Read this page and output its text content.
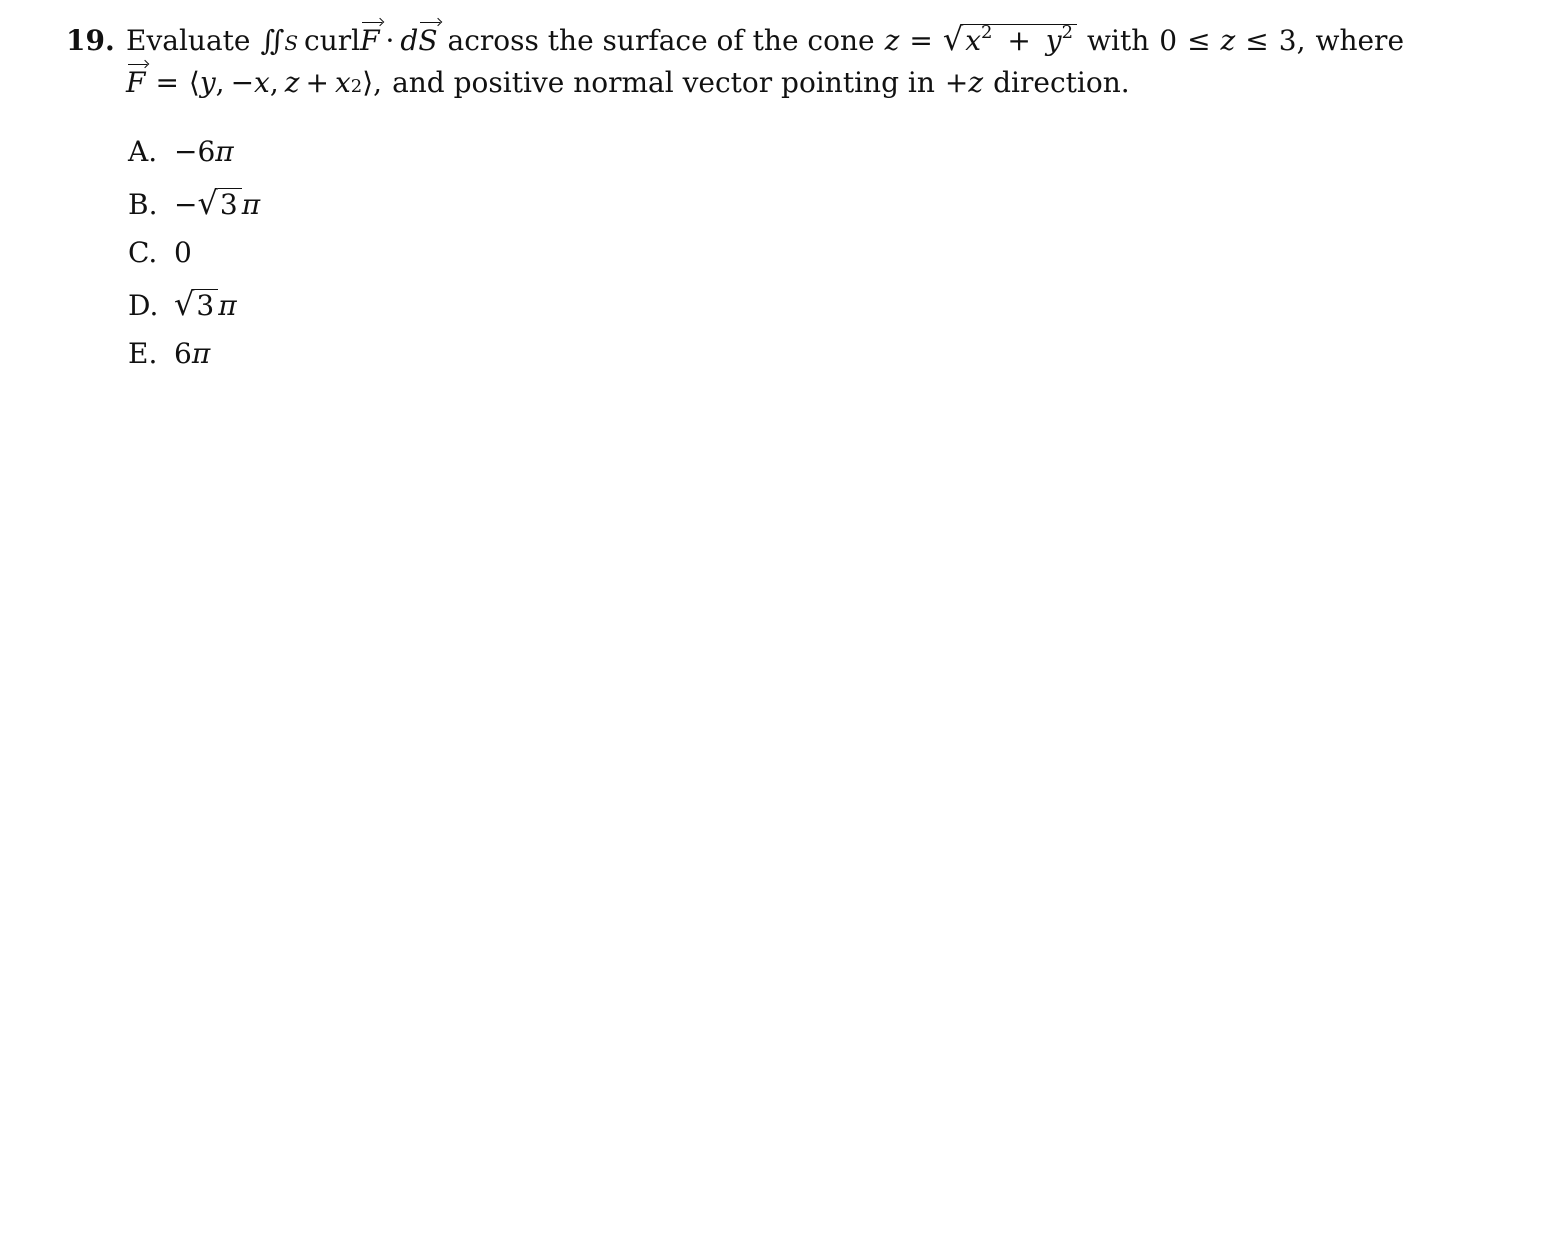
19. Evaluate ∬ S curl F · d S across the surface of the cone z = √ $x^2 + y^2$ with 0 ≤ z ≤ 3, where
F = ⟨ y , − x , z + x 2 ⟩, and positive normal vector pointing in + z direction.
A. −6 π
B. − √ 3 π
C. 0
D. √ 3 π
E. 6 π
